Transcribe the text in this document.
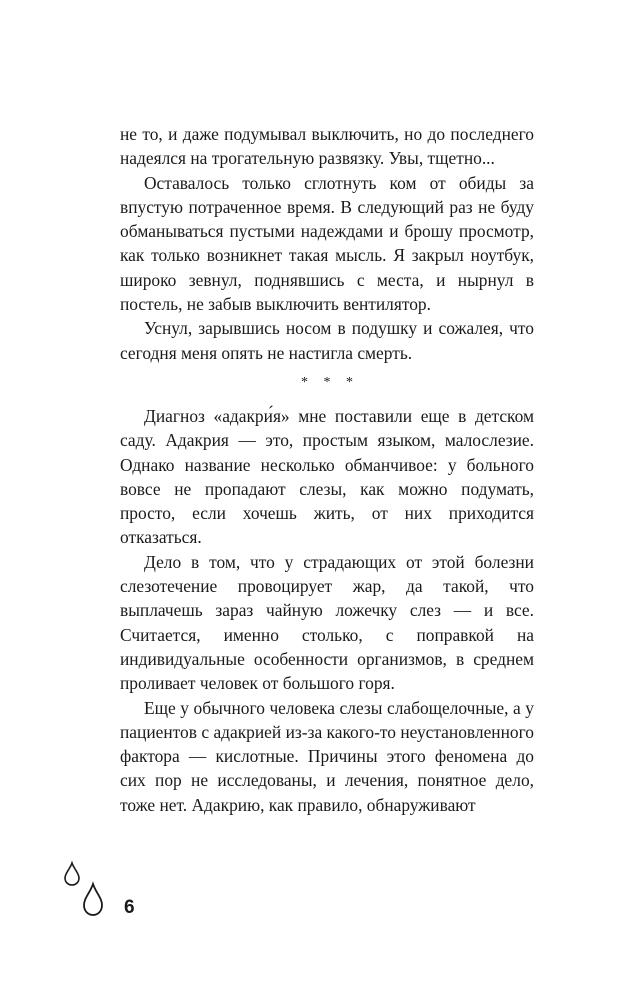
не то, и даже подумывал выключить, но до последнего надеялся на трогательную развязку. Увы, тщетно...

Оставалось только сглотнуть ком от обиды за впустую потраченное время. В следующий раз не буду обманываться пустыми надеждами и брошу просмотр, как только возникнет такая мысль. Я закрыл ноутбук, широко зевнул, поднявшись с места, и нырнул в постель, не забыв выключить вентилятор.

Уснул, зарывшись носом в подушку и сожалея, что сегодня меня опять не настигла смерть.

* * *

Диагноз «адакри́я» мне поставили еще в детском саду. Адакрия — это, простым языком, малослезие. Однако название несколько обманчивое: у больного вовсе не пропадают слезы, как можно подумать, просто, если хочешь жить, от них приходится отказаться.

Дело в том, что у страдающих от этой болезни слезотечение провоцирует жар, да такой, что выплачешь зараз чайную ложечку слез — и все. Считается, именно столько, с поправкой на индивидуальные особенности организмов, в среднем проливает человек от большого горя.

Еще у обычного человека слезы слабощелочные, а у пациентов с адакрией из-за какого-то неустановленного фактора — кислотные. Причины этого феномена до сих пор не исследованы, и лечения, понятное дело, тоже нет. Адакрию, как правило, обнаруживают

6
